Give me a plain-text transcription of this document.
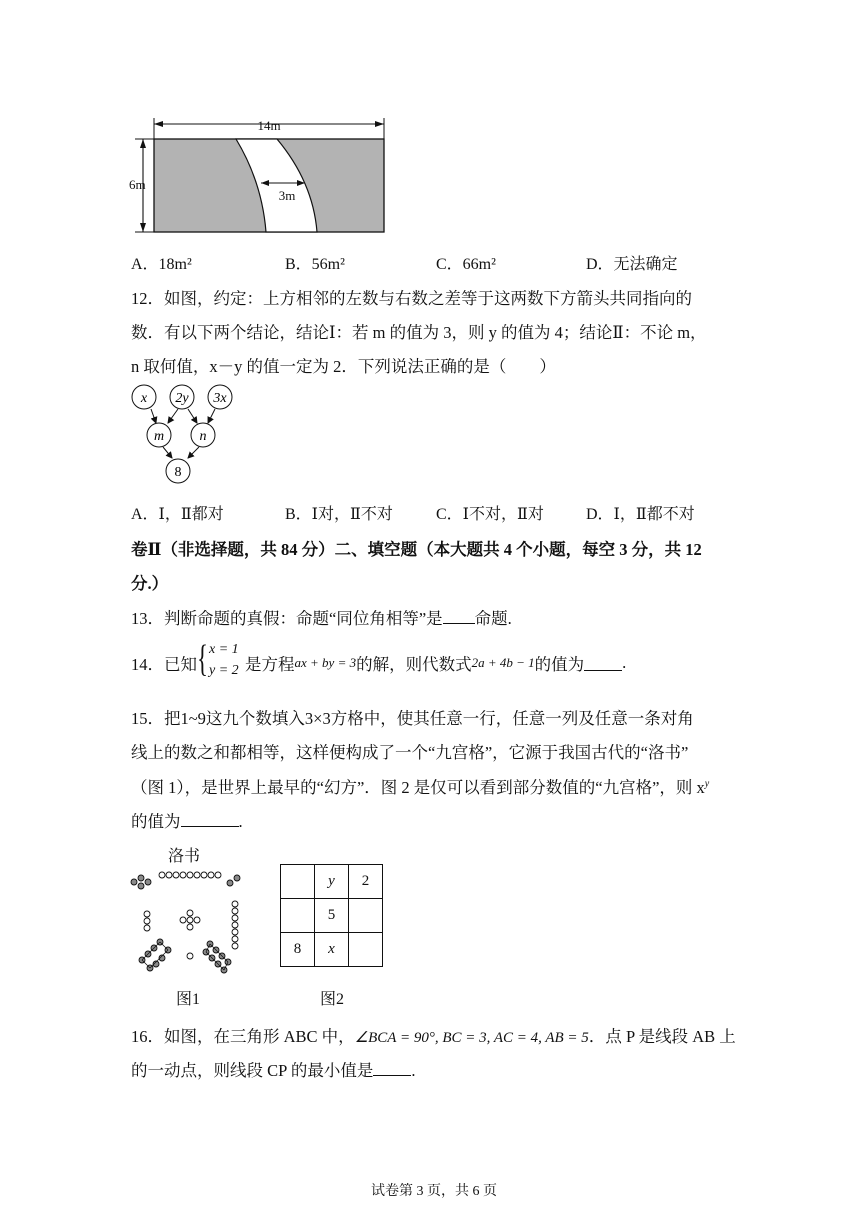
14m
6m
3m
A．18m²	B．56m²	C．66m²	D．无法确定
12．如图，约定：上方相邻的左数与右数之差等于这两数下方箭头共同指向的
数．有以下两个结论，结论Ⅰ：若 m 的值为 3，则 y 的值为 4；结论Ⅱ：不论 m，
n 取何值，x－y 的值一定为 2．下列说法正确的是（　　）
x 2y 3x
m	n
8
A．Ⅰ，Ⅱ都对	B．Ⅰ对，Ⅱ不对	C．Ⅰ不对，Ⅱ对	D．Ⅰ，Ⅱ都不对
卷Ⅱ（非选择题，共 84 分）二、填空题（本大题共 4 个小题，每空 3 分，共 12
分.）
13．判断命题的真假：命题“同位角相等”是 命题.
14．已知 { x = 1
y = 2 是方程ax + by = 3的解，则代数式2a + 4b − 1的值为 .
15．把1~9这九个数填入3×3方格中，使其任意一行，任意一列及任意一条对角
线上的数之和都相等，这样便构成了一个“九宫格”，它源于我国古代的“洛书”
（图 1），是世界上最早的“幻方”．图 2 是仅可以看到部分数值的“九宫格”，则 $x^y$
的值为	.
洛书
图1
	y	2
	5	
8	x	
图2
16．如图，在三角形 ABC 中，∠BCA = 90°, BC = 3, AC = 4, AB = 5．点 P 是线段 AB 上
的一动点，则线段 CP 的最小值是 .
试卷第 3 页，共 6 页
